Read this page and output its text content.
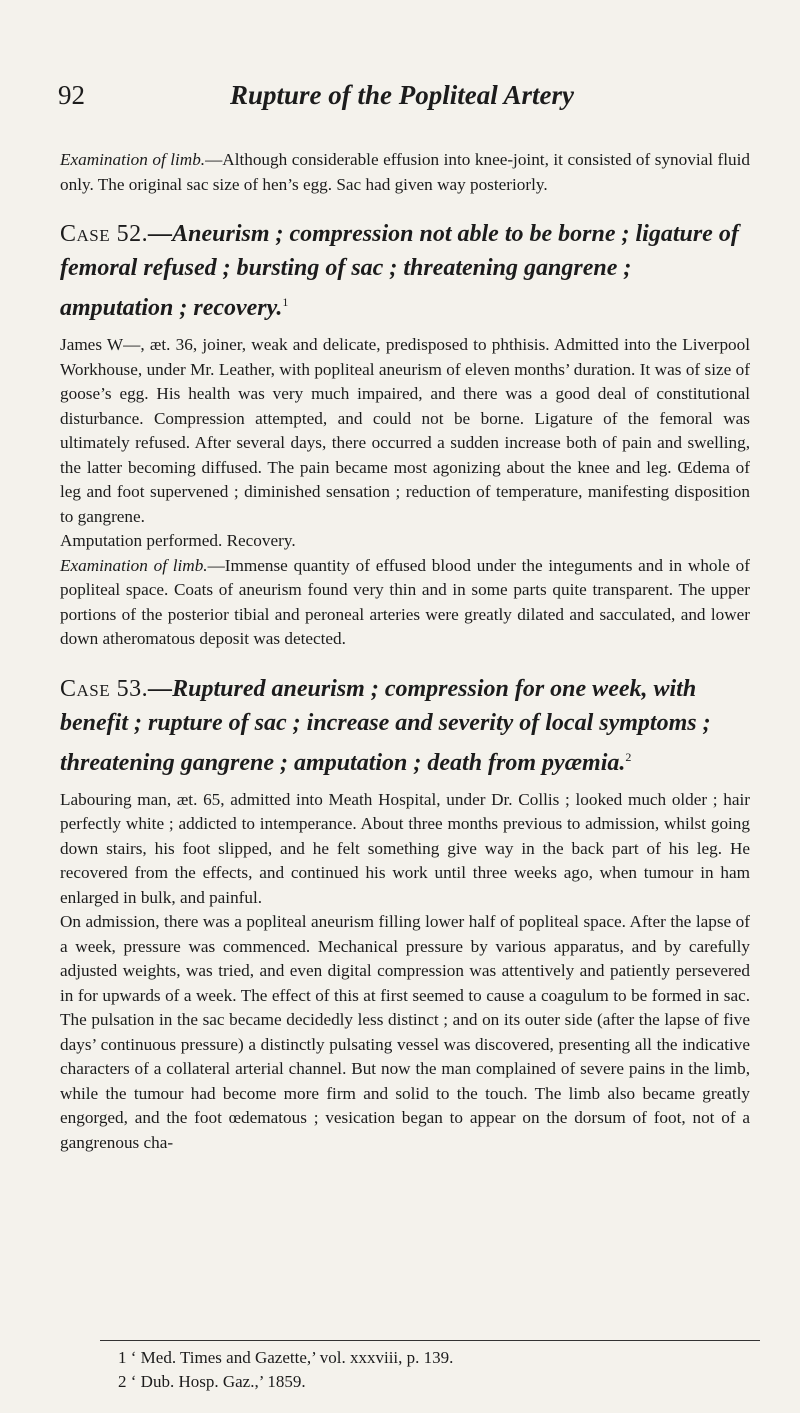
92	Rupture of the Popliteal Artery

Examination of limb.—Although considerable effusion into knee-joint, it consisted of synovial fluid only. The original sac size of hen’s egg. Sac had given way posteriorly.

Case 52.—Aneurism ; compression not able to be borne ; ligature of femoral refused ; bursting of sac ; threatening gangrene ; amputation ; recovery.$^1$

James W—, æt. 36, joiner, weak and delicate, predisposed to phthisis. Admitted into the Liverpool Workhouse, under Mr. Leather, with popliteal aneurism of eleven months’ duration. It was of size of goose’s egg. His health was very much impaired, and there was a good deal of constitutional disturbance. Compression attempted, and could not be borne. Ligature of the femoral was ultimately refused. After several days, there occurred a sudden increase both of pain and swelling, the latter becoming diffused. The pain became most agonizing about the knee and leg. Œdema of leg and foot supervened ; diminished sensation ; reduction of temperature, manifesting disposition to gangrene.

Amputation performed. Recovery.

Examination of limb.—Immense quantity of effused blood under the integuments and in whole of popliteal space. Coats of aneurism found very thin and in some parts quite transparent. The upper portions of the posterior tibial and peroneal arteries were greatly dilated and sacculated, and lower down atheromatous deposit was detected.

Case 53.—Ruptured aneurism ; compression for one week, with benefit ; rupture of sac ; increase and severity of local symptoms ; threatening gangrene ; amputation ; death from pyæmia.$^2$

Labouring man, æt. 65, admitted into Meath Hospital, under Dr. Collis ; looked much older ; hair perfectly white ; addicted to intemperance. About three months previous to admission, whilst going down stairs, his foot slipped, and he felt something give way in the back part of his leg. He recovered from the effects, and continued his work until three weeks ago, when tumour in ham enlarged in bulk, and painful.

On admission, there was a popliteal aneurism filling lower half of popliteal space. After the lapse of a week, pressure was commenced. Mechanical pressure by various apparatus, and by carefully adjusted weights, was tried, and even digital compression was attentively and patiently persevered in for upwards of a week. The effect of this at first seemed to cause a coagulum to be formed in sac. The pulsation in the sac became decidedly less distinct ; and on its outer side (after the lapse of five days’ continuous pressure) a distinctly pulsating vessel was discovered, presenting all the indicative characters of a collateral arterial channel. But now the man complained of severe pains in the limb, while the tumour had become more firm and solid to the touch. The limb also became greatly engorged, and the foot œdematous ; vesication began to appear on the dorsum of foot, not of a gangrenous cha-

1 ‘ Med. Times and Gazette,’ vol. xxxviii, p. 139.
2 ‘ Dub. Hosp. Gaz.,’ 1859.
